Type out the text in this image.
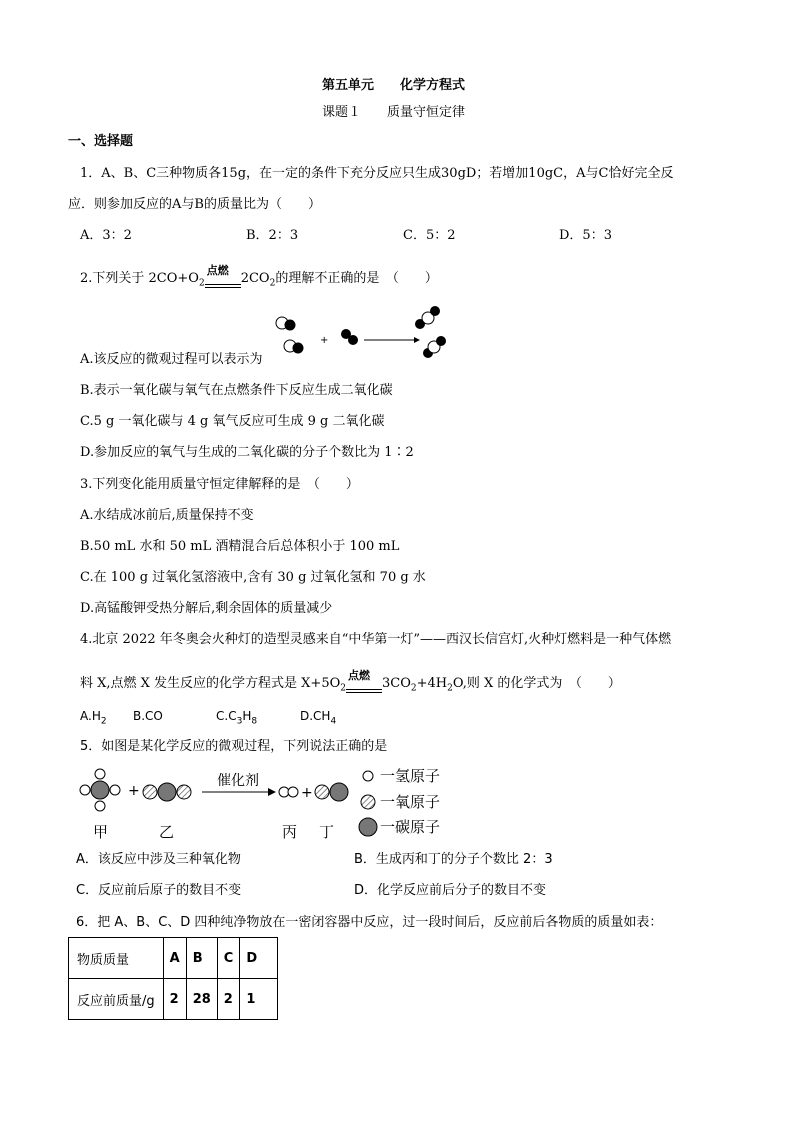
第五单元　　化学方程式
课题１　　质量守恒定律
一、选择题
1．A、B、C三种物质各15g，在一定的条件下充分反应只生成30gD；若增加10gC，A与C恰好完全反
应．则参加反应的A与B的质量比为（　　）
A．3：2	B．2：3	C．5：2	D．5：3
2.下列关于 $2CO+O_2$
点燃
$2CO_2$的理解不正确的是　（　　）
+
A.该反应的微观过程可以表示为
B.表示一氧化碳与氧气在点燃条件下反应生成二氧化碳
C.5 g 一氧化碳与 4 g 氧气反应可生成 9 g 二氧化碳
D.参加反应的氧气与生成的二氧化碳的分子个数比为 1∶2
3.下列变化能用质量守恒定律解释的是　（　　）
A.水结成冰前后,质量保持不变
B.50 mL 水和 50 mL 酒精混合后总体积小于 100 mL
C.在 100 g 过氧化氢溶液中,含有 30 g 过氧化氢和 70 g 水
D.高锰酸钾受热分解后,剩余固体的质量减少
4.北京 2022 年冬奥会火种灯的造型灵感来自“中华第一灯”——西汉长信宫灯,火种灯燃料是一种气体燃
料 X,点燃 X 发生反应的化学方程式是 $X+5O_2$
点燃
$3CO_2+4H_2O$,则 X 的化学式为　（　　）
$A.H_2$ B.CO	$C.C_3H_8$	$D.CH_4$
5．如图是某化学反应的微观过程，下列说法正确的是
+
催化剂
+
一氢原子
一氧原子
一碳原子
甲	乙	丙 丁
A．该反应中涉及三种氧化物	B．生成丙和丁的分子个数比 2：3
C．反应前后原子的数目不变	D．化学反应前后分子的数目不变
6．把 A、B、C、D 四种纯净物放在一密闭容器中反应，过一段时间后，反应前后各物质的质量如表：
物质质量	A	B	C	D
反应前质量/g	2	28	2	1
